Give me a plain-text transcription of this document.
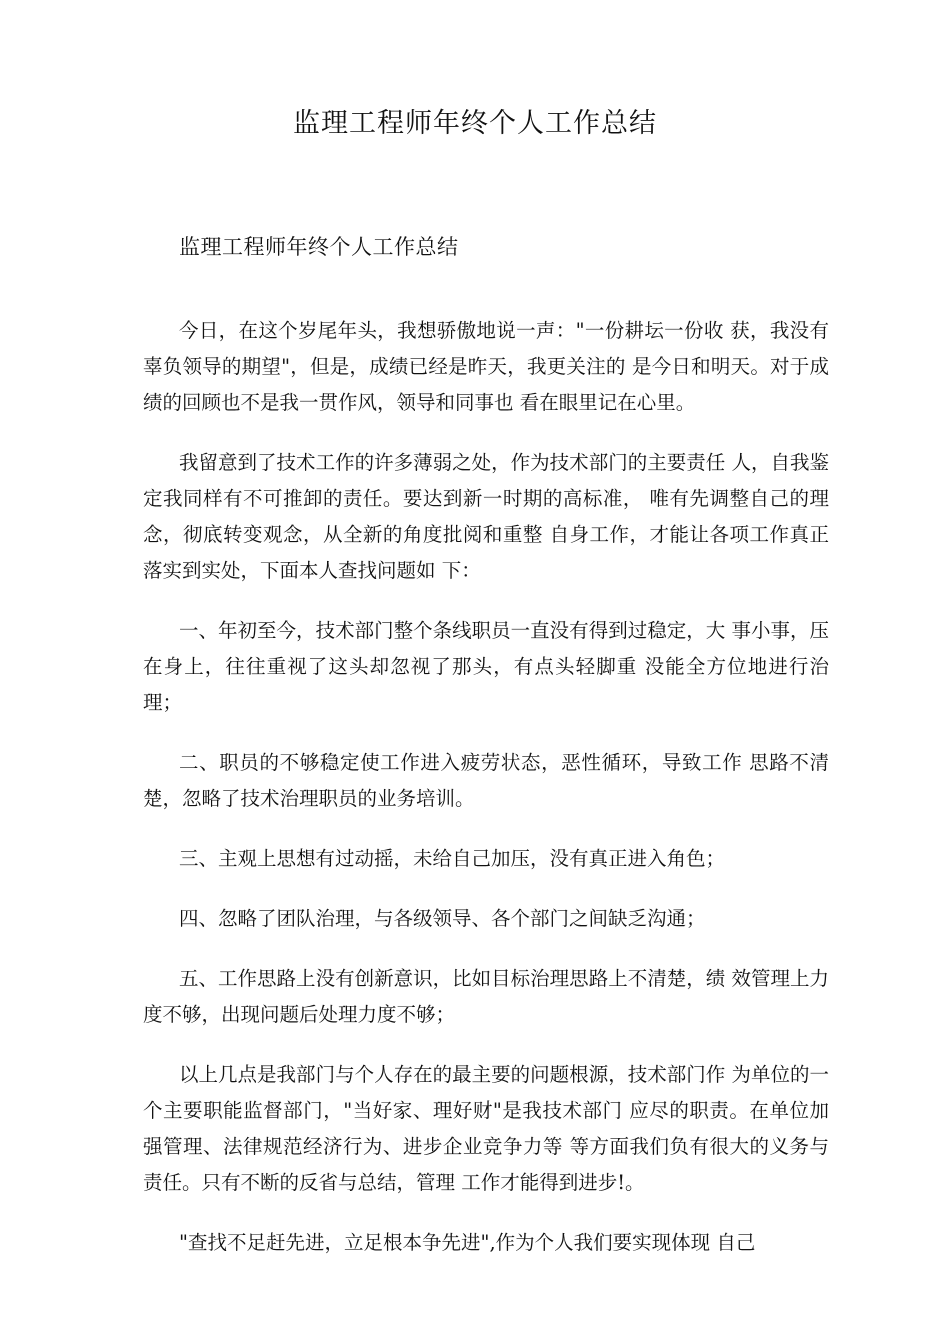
监理工程师年终个人工作总结

监理工程师年终个人工作总结

今日，在这个岁尾年头，我想骄傲地说一声："一份耕坛一份收 获，我没有辜负领导的期望"，但是，成绩已经是昨天，我更关注的 是今日和明天。对于成绩的回顾也不是我一贯作风，领导和同事也 看在眼里记在心里。

我留意到了技术工作的许多薄弱之处，作为技术部门的主要责任 人，自我鉴定我同样有不可推卸的责任。要达到新一时期的高标准， 唯有先调整自己的理念，彻底转变观念，从全新的角度批阅和重整 自身工作，才能让各项工作真正落实到实处，下面本人查找问题如 下：

一、年初至今，技术部门整个条线职员一直没有得到过稳定，大 事小事，压在身上，往往重视了这头却忽视了那头，有点头轻脚重 没能全方位地进行治理；

二、职员的不够稳定使工作进入疲劳状态，恶性循环，导致工作 思路不清楚，忽略了技术治理职员的业务培训。

三、主观上思想有过动摇，未给自己加压，没有真正进入角色；

四、忽略了团队治理，与各级领导、各个部门之间缺乏沟通；

五、工作思路上没有创新意识，比如目标治理思路上不清楚，绩 效管理上力度不够，出现问题后处理力度不够；

以上几点是我部门与个人存在的最主要的问题根源，技术部门作 为单位的一个主要职能监督部门，"当好家、理好财"是我技术部门 应尽的职责。在单位加强管理、法律规范经济行为、进步企业竞争力等 等方面我们负有很大的义务与责任。只有不断的反省与总结，管理 工作才能得到进步!。

"查找不足赶先进，立足根本争先进",作为个人我们要实现体现 自己
